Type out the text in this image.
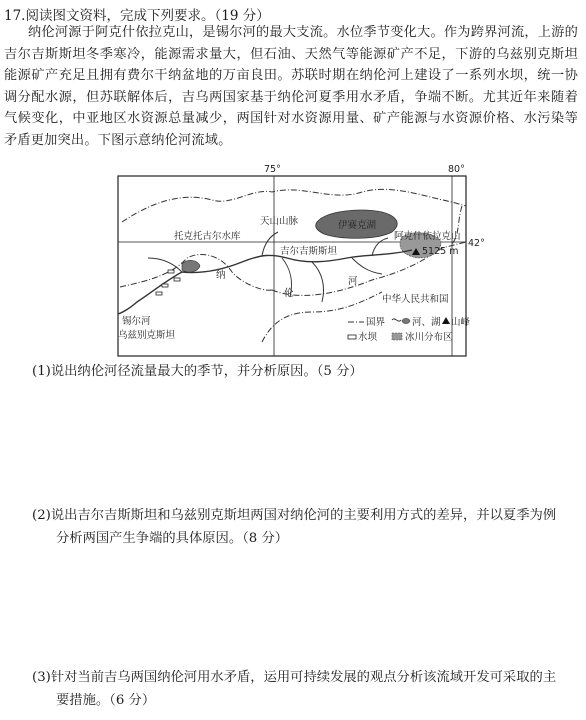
17.阅读图文资料，完成下列要求。（19 分）
纳伦河源于阿克什依拉克山，是锡尔河的最大支流。水位季节变化大。作为跨界河流，上游的吉尔吉斯斯坦冬季寒冷，能源需求量大，但石油、天然气等能源矿产不足，下游的乌兹别克斯坦能源矿产充足且拥有费尔干纳盆地的万亩良田。苏联时期在纳伦河上建设了一系列水坝，统一协调分配水源，但苏联解体后，吉乌两国家基于纳伦河夏季用水矛盾，争端不断。尤其近年来随着气候变化，中亚地区水资源总量减少，两国针对水资源用量、矿产能源与水资源价格、水污染等矛盾更加突出。下图示意纳伦河流域。
75°	80°
42°
伊赛克湖
天山山脉
阿克什依拉克山
5125 m
托克托古尔水库
吉尔吉斯斯坦
纳
伦
河
中华人民共和国
锡尔河
乌兹别克斯坦
国界	河、湖 山峰
水坝	冰川分布区
(1)说出纳伦河径流量最大的季节，并分析原因。（5 分）
(2)说出吉尔吉斯斯坦和乌兹别克斯坦两国对纳伦河的主要利用方式的差异，并以夏季为例
分析两国产生争端的具体原因。（8 分）
(3)针对当前吉乌两国纳伦河用水矛盾，运用可持续发展的观点分析该流域开发可采取的主
要措施。（6 分）
